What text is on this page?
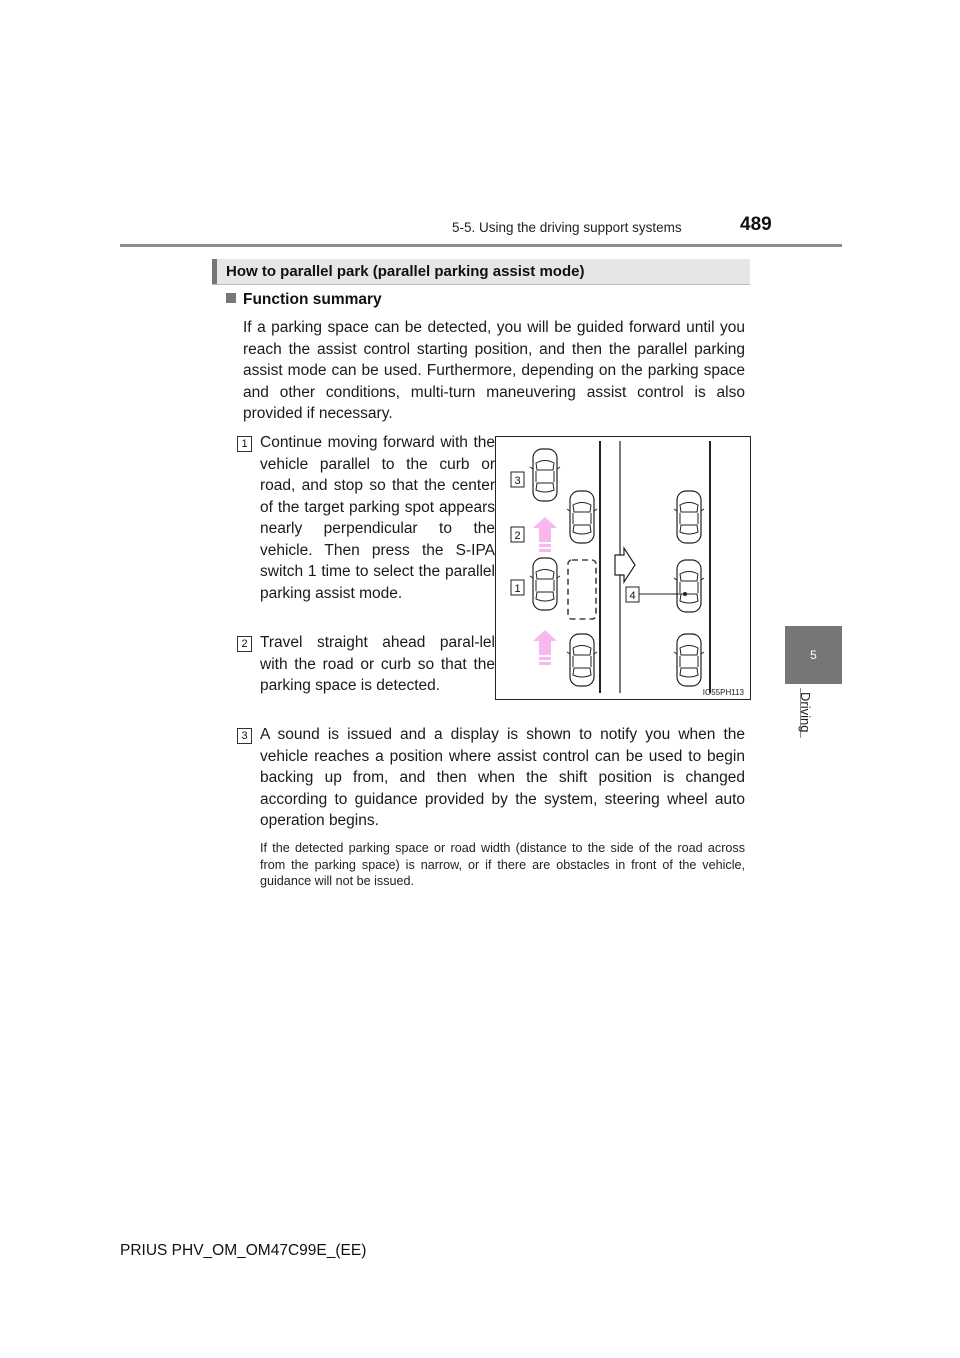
5-5. Using the driving support systems	489
5
Driving
How to parallel park (parallel parking assist mode)
Function summary
If a parking space can be detected, you will be guided forward until you reach the assist control starting position, and then the parallel parking assist mode can be used. Furthermore, depending on the parking space and other conditions, multi-turn maneuvering assist control is also provided if necessary.
1 Continue moving forward with the vehicle parallel to the curb or road, and stop so that the center of the target parking spot appears nearly perpendicular to the vehicle. Then press the S-IPA switch 1 time to select the parallel parking assist mode.
2 Travel straight ahead paral-lel with the road or curb so that the parking space is detected.
3 A sound is issued and a display is shown to notify you when the vehicle reaches a position where assist control can be used to begin backing up from, and then when the shift position is changed according to guidance provided by the system, steering wheel auto operation begins.
If the detected parking space or road width (distance to the side of the road across from the parking space) is narrow, or if there are obstacles in front of the vehicle, guidance will not be issued.
3
2
1
4
IO55PH113
PRIUS PHV_OM_OM47C99E_(EE)
